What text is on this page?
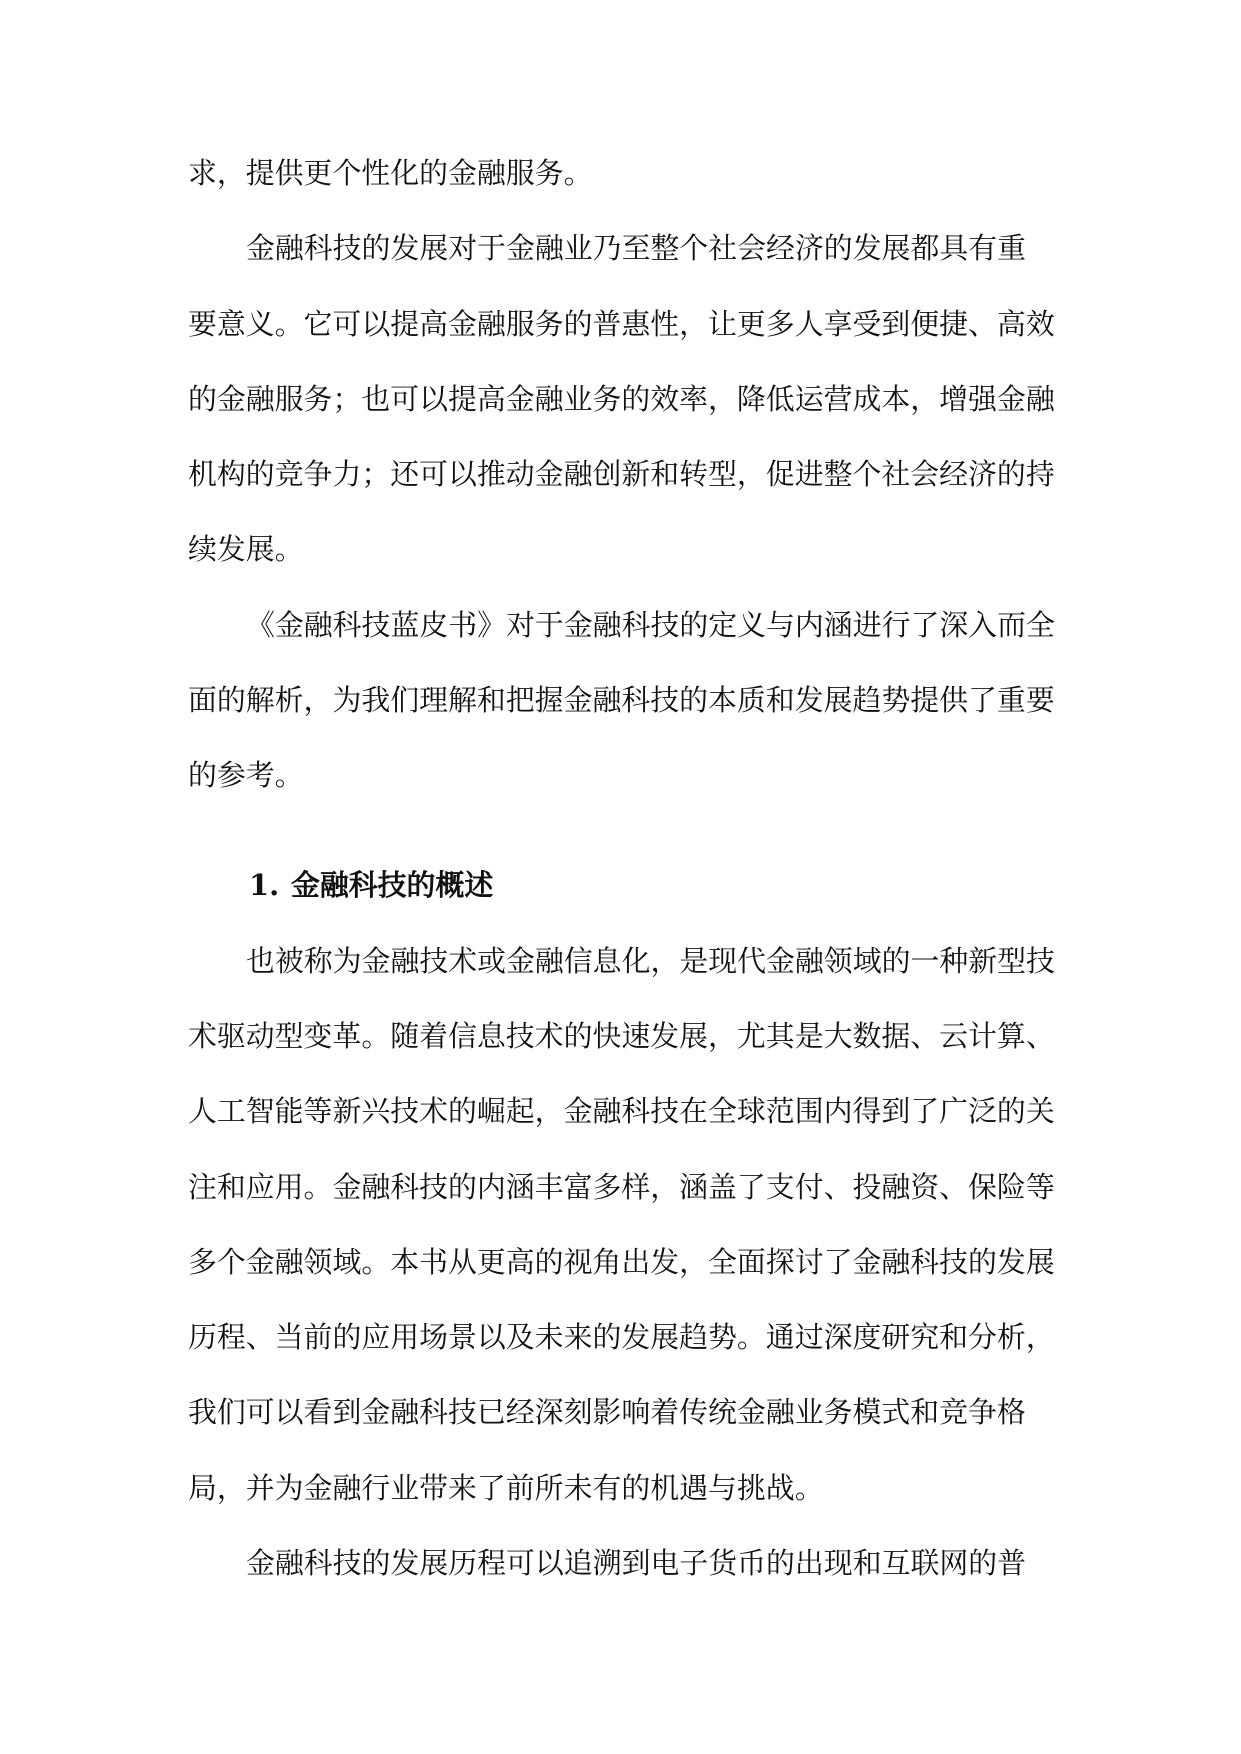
求，提供更个性化的金融服务。
金融科技的发展对于金融业乃至整个社会经济的发展都具有重
要意义。它可以提高金融服务的普惠性，让更多人享受到便捷、高效
的金融服务；也可以提高金融业务的效率，降低运营成本，增强金融
机构的竞争力；还可以推动金融创新和转型，促进整个社会经济的持
续发展。
《金融科技蓝皮书》对于金融科技的定义与内涵进行了深入而全
面的解析，为我们理解和把握金融科技的本质和发展趋势提供了重要
的参考。
1. 金融科技的概述
也被称为金融技术或金融信息化，是现代金融领域的一种新型技
术驱动型变革。随着信息技术的快速发展，尤其是大数据、云计算、
人工智能等新兴技术的崛起，金融科技在全球范围内得到了广泛的关
注和应用。金融科技的内涵丰富多样，涵盖了支付、投融资、保险等
多个金融领域。本书从更高的视角出发，全面探讨了金融科技的发展
历程、当前的应用场景以及未来的发展趋势。通过深度研究和分析，
我们可以看到金融科技已经深刻影响着传统金融业务模式和竞争格
局，并为金融行业带来了前所未有的机遇与挑战。
金融科技的发展历程可以追溯到电子货币的出现和互联网的普
